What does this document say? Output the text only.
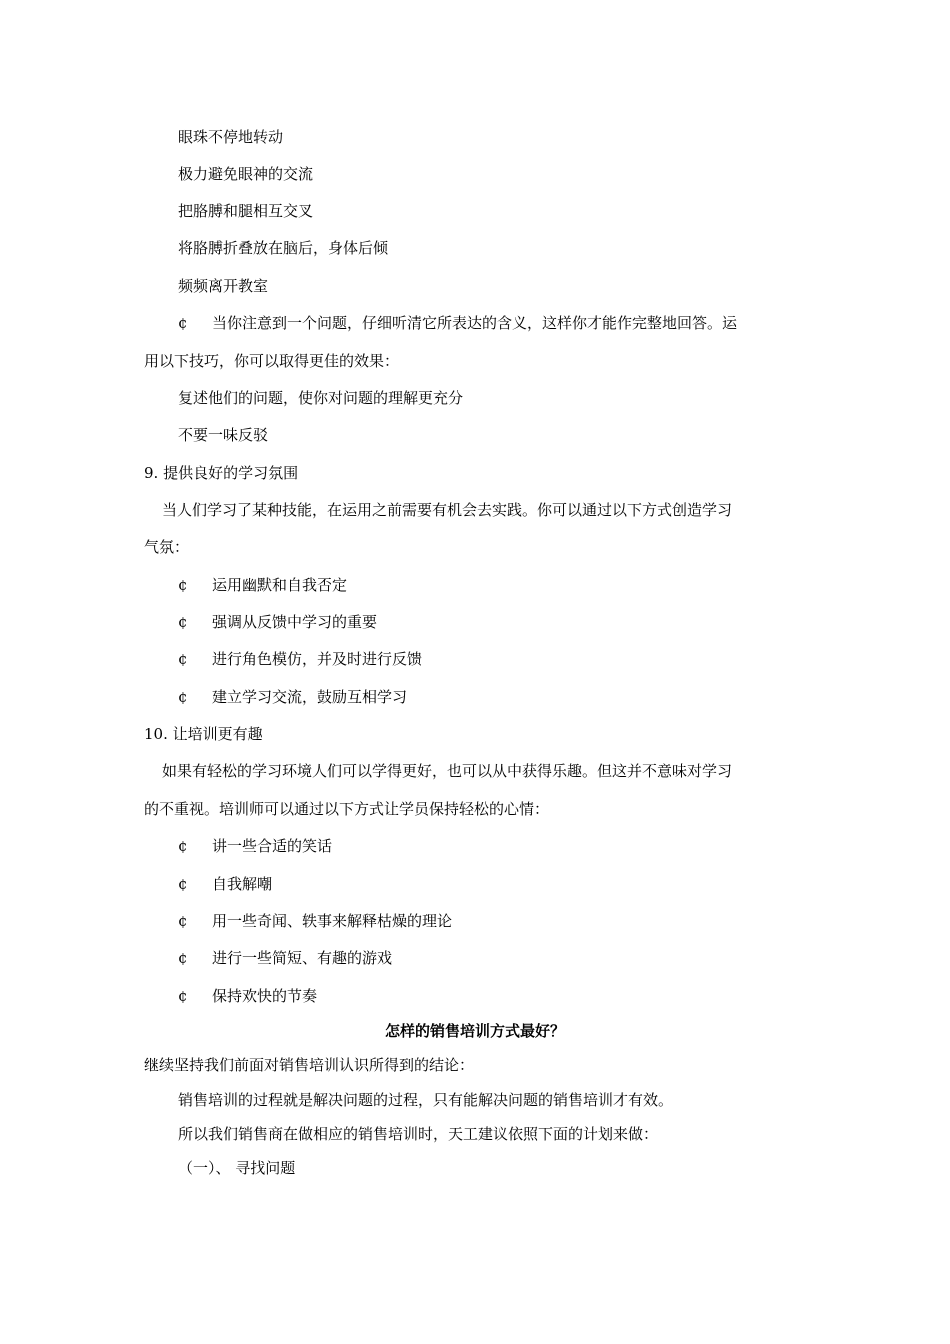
眼珠不停地转动
极力避免眼神的交流
把胳膊和腿相互交叉
将胳膊折叠放在脑后，身体后倾
频频离开教室
¢ 当你注意到一个问题，仔细听清它所表达的含义，这样你才能作完整地回答。运
用以下技巧，你可以取得更佳的效果：
复述他们的问题，使你对问题的理解更充分
不要一味反驳
9. 提供良好的学习氛围
当人们学习了某种技能，在运用之前需要有机会去实践。你可以通过以下方式创造学习
气氛：
¢ 运用幽默和自我否定
¢ 强调从反馈中学习的重要
¢ 进行角色模仿，并及时进行反馈
¢ 建立学习交流，鼓励互相学习
10. 让培训更有趣
如果有轻松的学习环境人们可以学得更好，也可以从中获得乐趣。但这并不意味对学习
的不重视。培训师可以通过以下方式让学员保持轻松的心情：
¢ 讲一些合适的笑话
¢ 自我解嘲
¢ 用一些奇闻、轶事来解释枯燥的理论
¢ 进行一些简短、有趣的游戏
¢ 保持欢快的节奏
怎样的销售培训方式最好？
继续坚持我们前面对销售培训认识所得到的结论：
销售培训的过程就是解决问题的过程，只有能解决问题的销售培训才有效。
所以我们销售商在做相应的销售培训时，天工建议依照下面的计划来做：
（一）、 寻找问题
